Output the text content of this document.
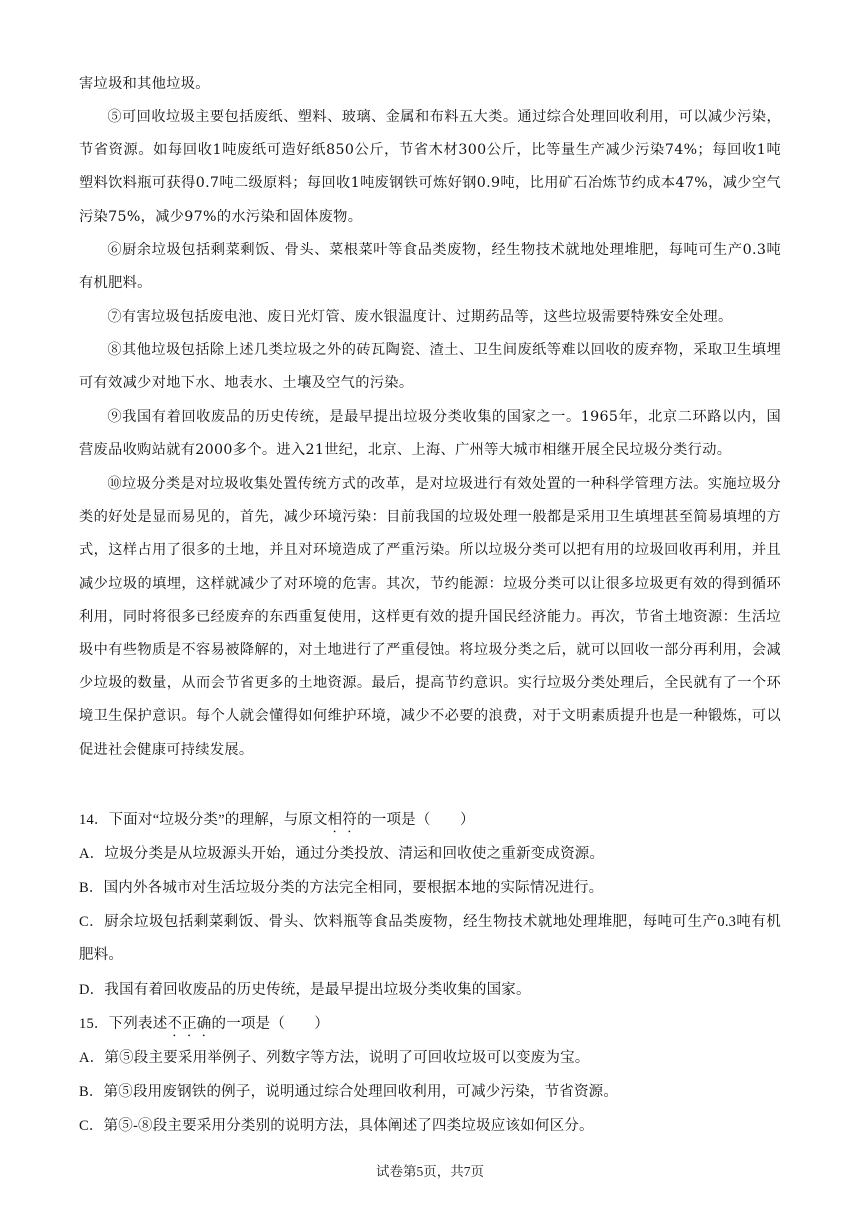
害垃圾和其他垃圾。

⑤可回收垃圾主要包括废纸、塑料、玻璃、金属和布料五大类。通过综合处理回收利用，可以减少污染，节省资源。如每回收1吨废纸可造好纸850公斤，节省木材300公斤，比等量生产减少污染74%；每回收1吨塑料饮料瓶可获得0.7吨二级原料；每回收1吨废钢铁可炼好钢0.9吨，比用矿石冶炼节约成本47%，减少空气污染75%，减少97%的水污染和固体废物。

⑥厨余垃圾包括剩菜剩饭、骨头、菜根菜叶等食品类废物，经生物技术就地处理堆肥，每吨可生产0.3吨有机肥料。

⑦有害垃圾包括废电池、废日光灯管、废水银温度计、过期药品等，这些垃圾需要特殊安全处理。

⑧其他垃圾包括除上述几类垃圾之外的砖瓦陶瓷、渣土、卫生间废纸等难以回收的废弃物，采取卫生填埋可有效减少对地下水、地表水、土壤及空气的污染。

⑨我国有着回收废品的历史传统，是最早提出垃圾分类收集的国家之一。1965年，北京二环路以内，国营废品收购站就有2000多个。进入21世纪，北京、上海、广州等大城市相继开展全民垃圾分类行动。

⑩垃圾分类是对垃圾收集处置传统方式的改革，是对垃圾进行有效处置的一种科学管理方法。实施垃圾分类的好处是显而易见的，首先，减少环境污染：目前我国的垃圾处理一般都是采用卫生填埋甚至简易填埋的方式，这样占用了很多的土地，并且对环境造成了严重污染。所以垃圾分类可以把有用的垃圾回收再利用，并且减少垃圾的填埋，这样就减少了对环境的危害。其次，节约能源：垃圾分类可以让很多垃圾更有效的得到循环利用，同时将很多已经废弃的东西重复使用，这样更有效的提升国民经济能力。再次，节省土地资源：生活垃圾中有些物质是不容易被降解的，对土地进行了严重侵蚀。将垃圾分类之后，就可以回收一部分再利用，会减少垃圾的数量，从而会节省更多的土地资源。最后，提高节约意识。实行垃圾分类处理后，全民就有了一个环境卫生保护意识。每个人就会懂得如何维护环境，减少不必要的浪费，对于文明素质提升也是一种锻炼，可以促进社会健康可持续发展。

14．下面对“垃圾分类”的理解，与原文相符的一项是（　　）

A．垃圾分类是从垃圾源头开始，通过分类投放、清运和回收使之重新变成资源。

B．国内外各城市对生活垃圾分类的方法完全相同，要根据本地的实际情况进行。

C．厨余垃圾包括剩菜剩饭、骨头、饮料瓶等食品类废物，经生物技术就地处理堆肥，每吨可生产0.3吨有机肥料。

D．我国有着回收废品的历史传统，是最早提出垃圾分类收集的国家。

15．下列表述不正确的一项是（　　）

A．第⑤段主要采用举例子、列数字等方法，说明了可回收垃圾可以变废为宝。

B．第⑤段用废钢铁的例子，说明通过综合处理回收利用，可减少污染，节省资源。

C．第⑤-⑧段主要采用分类别的说明方法，具体阐述了四类垃圾应该如何区分。

试卷第5页，共7页
